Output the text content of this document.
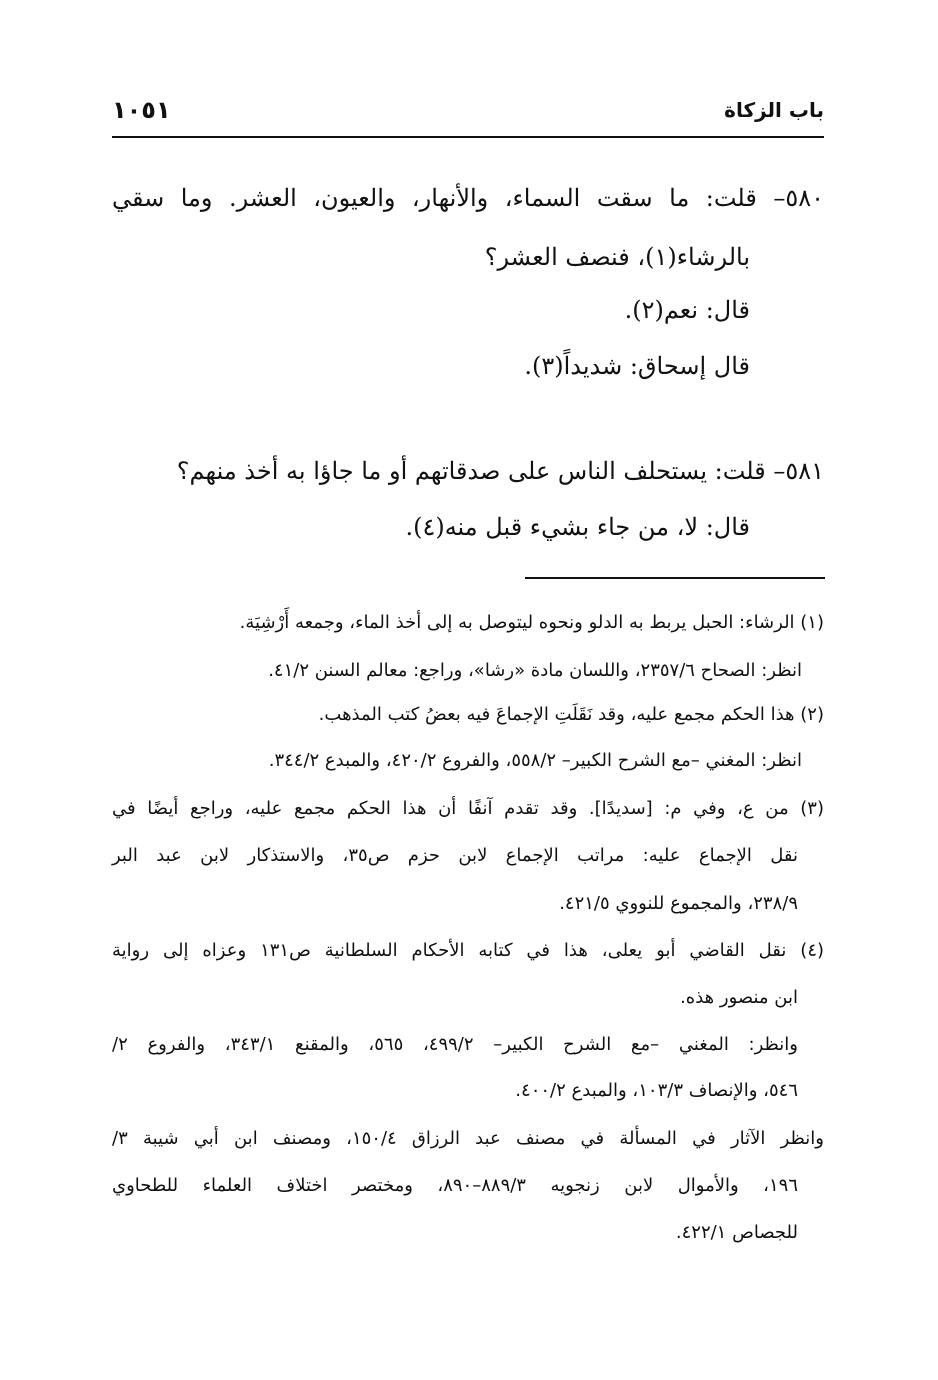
١٠٥١	باب الزكاة
٥٨٠– قلت: ما سقت السماء، والأنهار، والعيون، العشر. وما سقي
بالرشاء(١)، فنصف العشر؟
قال: نعم(٢).
قال إسحاق: شديداً(٣).
٥٨١– قلت: يستحلف الناس على صدقاتهم أو ما جاؤا به أخذ منهم؟
قال: لا، من جاء بشيء قبل منه(٤).
(١) الرشاء: الحبل يربط به الدلو ونحوه ليتوصل به إلى أخذ الماء، وجمعه أَرْشِيَة.
انظر: الصحاح ٢٣٥٧/٦، واللسان مادة «رشا»، وراجع: معالم السنن ٤١/٢.
(٢) هذا الحكم مجمع عليه، وقد نَقَلَتِ الإجماعَ فيه بعضُ كتب المذهب.
انظر: المغني –مع الشرح الكبير– ٥٥٨/٢، والفروع ٤٢٠/٢، والمبدع ٣٤٤/٢.
(٣) من ع، وفي م: [سديدًا]. وقد تقدم آنفًا أن هذا الحكم مجمع عليه، وراجع أيضًا في
نقل الإجماع عليه: مراتب الإجماع لابن حزم ص٣٥، والاستذكار لابن عبد البر
٢٣٨/٩، والمجموع للنووي ٤٢١/٥.
(٤) نقل القاضي أبو يعلى، هذا في كتابه الأحكام السلطانية ص١٣١ وعزاه إلى رواية
ابن منصور هذه.
وانظر: المغني –مع الشرح الكبير– ٤٩٩/٢، ٥٦٥، والمقنع ٣٤٣/١، والفروع ٢/
٥٤٦، والإنصاف ١٠٣/٣، والمبدع ٤٠٠/٢.
وانظر الآثار في المسألة في مصنف عبد الرزاق ١٥٠/٤، ومصنف ابن أبي شيبة ٣/
١٩٦، والأموال لابن زنجويه ٨٨٩/٣–٨٩٠، ومختصر اختلاف العلماء للطحاوي
للجصاص ٤٢٢/١.
